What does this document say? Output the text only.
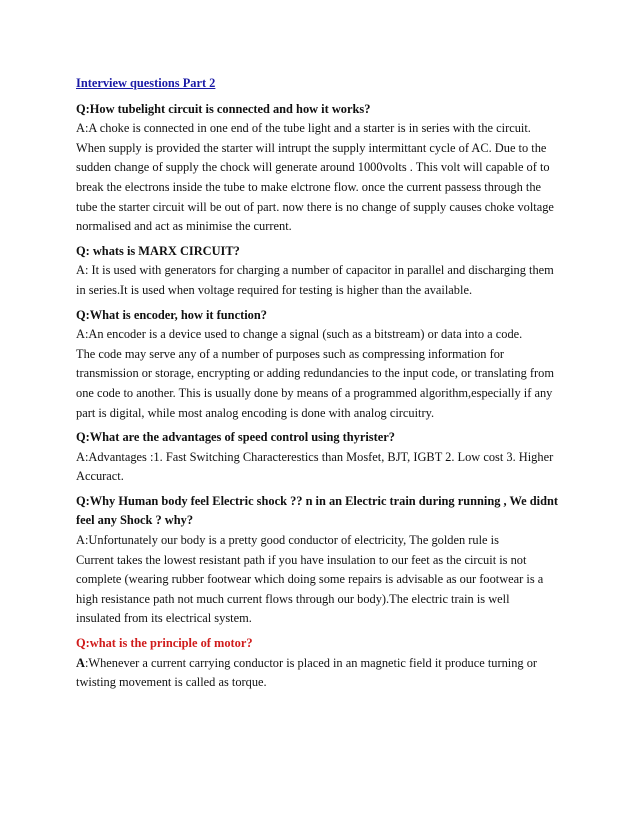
Interview questions Part 2
Q:How tubelight circuit is connected and how it works?
A:A choke is connected in one end of the tube light and a starter is in series with the circuit.
When supply is provided the starter will intrupt the supply intermittant cycle of AC. Due to the
sudden change of supply the chock will generate around 1000volts . This volt will capable of to
break the electrons inside the tube to make elctrone flow. once the current passess through the
tube the starter circuit will be out of part. now there is no change of supply causes choke voltage
normalised and act as minimise the current.
Q: whats is MARX CIRCUIT?
A: It is used with generators for charging a number of capacitor in parallel and discharging them
in series.It is used when voltage required for testing is higher than the available.
Q:What is encoder, how it function?
A:An encoder is a device used to change a signal (such as a bitstream) or data into a code.
The code may serve any of a number of purposes such as compressing information for
transmission or storage, encrypting or adding redundancies to the input code, or translating from
one code to another. This is usually done by means of a programmed algorithm,especially if any
part is digital, while most analog encoding is done with analog circuitry.
Q:What are the advantages of speed control using thyrister?
A:Advantages :1. Fast Switching Characterestics than Mosfet, BJT, IGBT 2. Low cost 3. Higher
Accuract.
Q:Why Human body feel Electric shock ?? n in an Electric train during running , We didnt
feel any Shock ? why?
A:Unfortunately our body is a pretty good conductor of electricity, The golden rule is
Current takes the lowest resistant path if you have insulation to our feet as the circuit is not
complete (wearing rubber footwear which doing some repairs is advisable as our footwear is a
high resistance path not much current flows through our body).The electric train is well
insulated from its electrical system.
Q:what is the principle of motor?
A:Whenever a current carrying conductor is placed in an magnetic field it produce turning or
twisting movement is called as torque.
